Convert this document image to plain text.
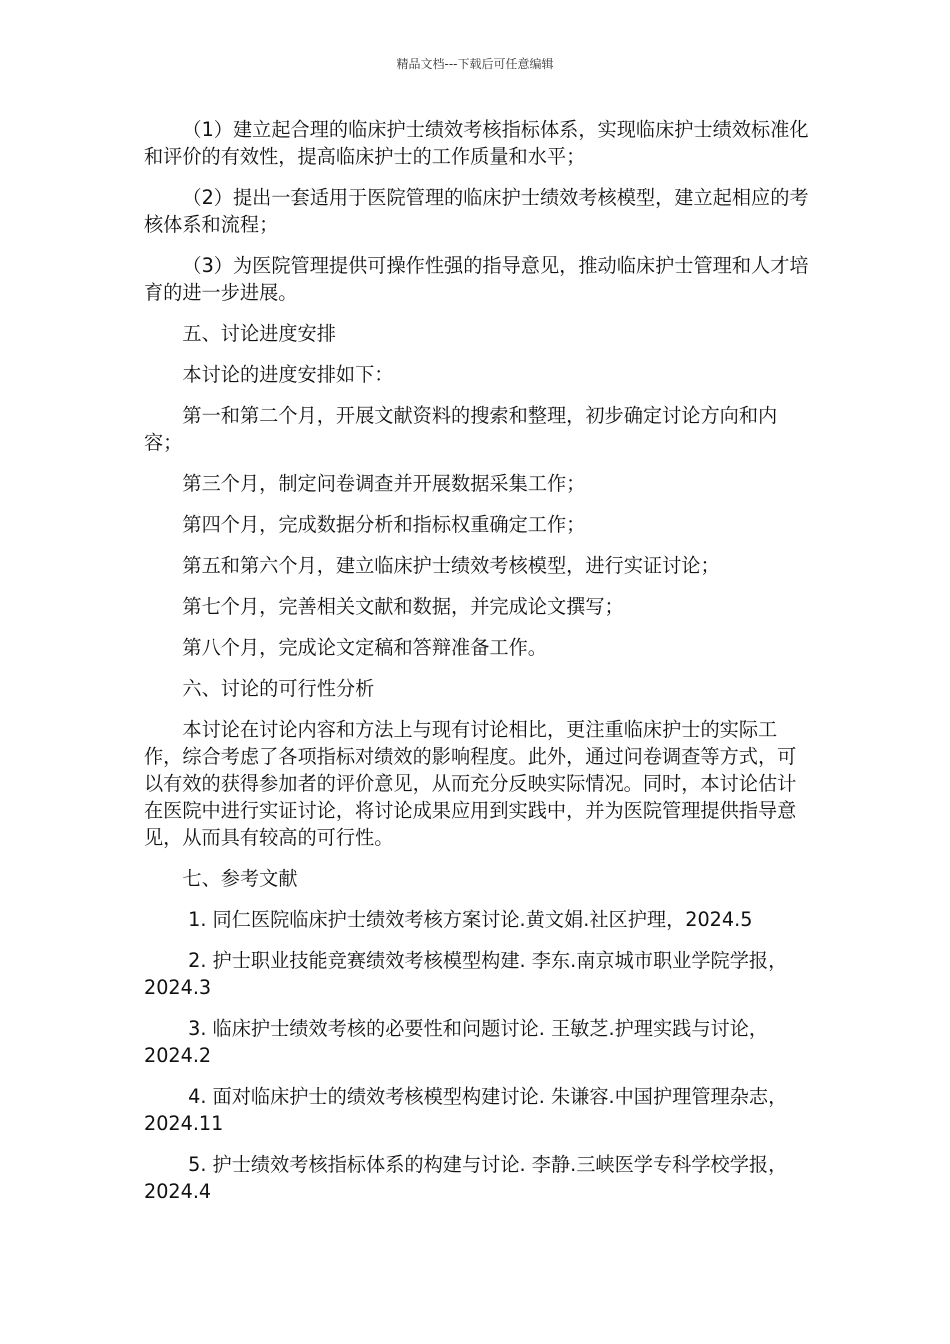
精品文档---下载后可任意编辑

（1）建立起合理的临床护士绩效考核指标体系，实现临床护士绩效标准化和评价的有效性，提高临床护士的工作质量和水平；

（2）提出一套适用于医院管理的临床护士绩效考核模型，建立起相应的考核体系和流程；

（3）为医院管理提供可操作性强的指导意见，推动临床护士管理和人才培育的进一步进展。

五、讨论进度安排

本讨论的进度安排如下：

第一和第二个月，开展文献资料的搜索和整理，初步确定讨论方向和内容；

第三个月，制定问卷调查并开展数据采集工作；

第四个月，完成数据分析和指标权重确定工作；

第五和第六个月，建立临床护士绩效考核模型，进行实证讨论；

第七个月，完善相关文献和数据，并完成论文撰写；

第八个月，完成论文定稿和答辩准备工作。

六、讨论的可行性分析

本讨论在讨论内容和方法上与现有讨论相比，更注重临床护士的实际工作，综合考虑了各项指标对绩效的影响程度。此外，通过问卷调查等方式，可以有效的获得参加者的评价意见，从而充分反映实际情况。同时，本讨论估计在医院中进行实证讨论，将讨论成果应用到实践中，并为医院管理提供指导意见，从而具有较高的可行性。

七、参考文献

1. 同仁医院临床护士绩效考核方案讨论.黄文娟.社区护理，2024.5

2. 护士职业技能竞赛绩效考核模型构建. 李东.南京城市职业学院学报，2024.3

3. 临床护士绩效考核的必要性和问题讨论. 王敏芝.护理实践与讨论，2024.2

4. 面对临床护士的绩效考核模型构建讨论. 朱谦容.中国护理管理杂志，2024.11

5. 护士绩效考核指标体系的构建与讨论. 李静.三峡医学专科学校学报，2024.4
